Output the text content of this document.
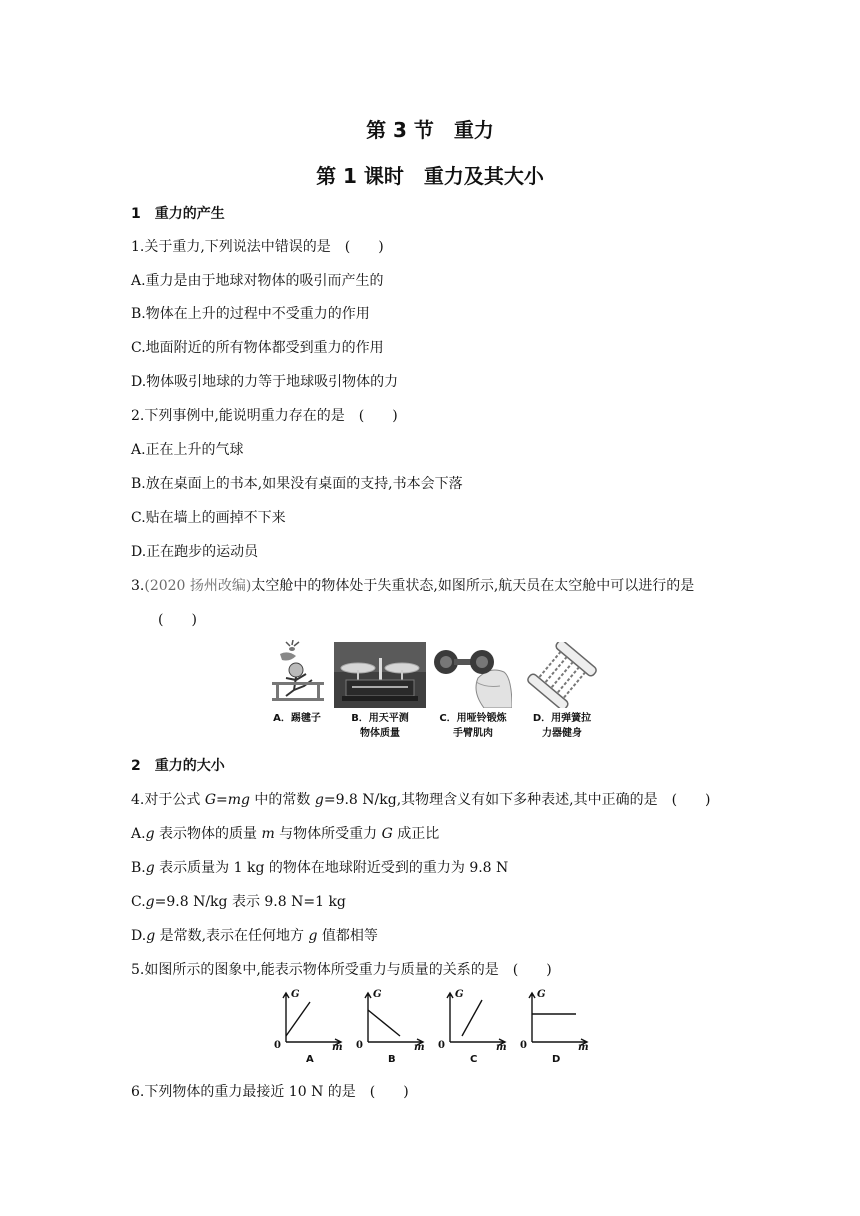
第 3 节　重力
第 1 课时　重力及其大小
1　重力的产生
1.关于重力,下列说法中错误的是　(　　)
A.重力是由于地球对物体的吸引而产生的
B.物体在上升的过程中不受重力的作用
C.地面附近的所有物体都受到重力的作用
D.物体吸引地球的力等于地球吸引物体的力
2.下列事例中,能说明重力存在的是　(　　)
A.正在上升的气球
B.放在桌面上的书本,如果没有桌面的支持,书本会下落
C.贴在墙上的画掉不下来
D.正在跑步的运动员
3.(2020 扬州改编)太空舱中的物体处于失重状态,如图所示,航天员在太空舱中可以进行的是
(　　)
A．踢毽子	B．用天平测
物体质量
C．用哑铃锻炼
手臂肌肉
D．用弹簧拉
力器健身
2　重力的大小
4.对于公式 G=mg 中的常数 g=9.8 N/kg,其物理含义有如下多种表述,其中正确的是　(　　)
A.g 表示物体的质量 m 与物体所受重力 G 成正比
B.g 表示质量为 1 kg 的物体在地球附近受到的重力为 9.8 N
C.g=9.8 N/kg 表示 9.8 N=1 kg
D.g 是常数,表示在任何地方 g 值都相等
5.如图所示的图象中,能表示物体所受重力与质量的关系的是　(　　)
G
m
0
A
G
m
0
B
G
m
0
C
G
m
0
D
6.下列物体的重力最接近 10 N 的是　(　　)
